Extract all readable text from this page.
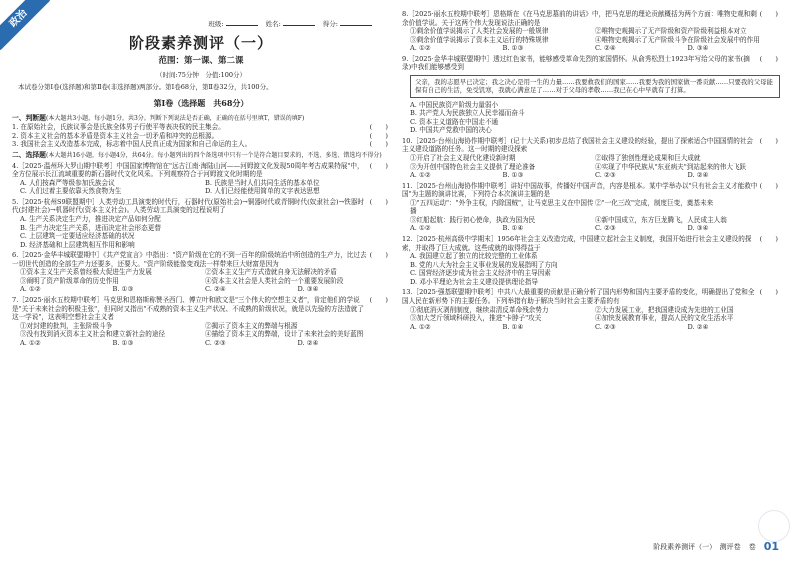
政治	班级:	姓名:	得分:
阶段素养测评（一）
范围：第一课、第二课
（时间:75分钟　分值:100分）
本试卷分第Ⅰ卷(选择题)和第Ⅱ卷(非选择题)两部分。第Ⅰ卷68分，第Ⅱ卷32分，共100分。
第Ⅰ卷（选择题　共68分）
一、判断题(本大题共3小题，每小题1分，共3分。判断下列说法是否正确，正确的在括号里填T，错误的填F)
1. 在原始社会，氏族议事会是氏族全体男子行使平等表决权的民主集会。	(　　)
2. 资本主义社会的基本矛盾是资本主义社会一切矛盾和冲突的总根源。	(　　)
3. 我国社会主义改造基本完成，标志着中国人民真正成为国家和自己命运的主人。	(　　)
二、选择题(本大题共16小题，每小题4分，共64分。每小题列出的四个备选项中只有一个是符合题目要求的，不选、多选、错选均不得分)
4.［2025·温州环大罗山期中联考］中国国家博物馆在"远古江南·海陆山河——河姆渡文化发现50周年考古成果特展"中，全方位展示长江流域重要的新石器时代文化风采。下列观察符合于河姆渡文化时期的是
(　　)
A. 人们按森严等级参加氏族会议	B. 氏族是当时人们共同生活的基本单位
C. 人们过着主要依靠天然食物为生	D. 人们已经能使用简单的文字表达思想
5.［2025·杭州S9联盟期中］人类劳动工具演变的时代行，石器时代(原始社会)→铜器时代或青铜时代(奴隶社会)→铁器时代(封建社会)→机器时代(资本主义社会)。人类劳动工具演变的过程说明了
(　　)
A. 生产关系决定生产力，推进决定产品如何分配
B. 生产力决定生产关系，进而决定社会形态更替
C. 上层建筑一定要适应经济基础的状况
D. 经济基础和上层建筑相互作用和影响
6.［2025·金华丰城联盟期中］《共产党宣言》中指出："资产阶级在它的不到一百年的阶级统治中所创造的生产力，比过去一切世代创造的全部生产力还要多，还要大。"资产阶级能像变戏法一样带来巨大财富是因为
(　　)
①资本主义生产关系曾经极大促进生产力发展	②资本主义生产方式造就自身无法解决的矛盾
③阐明了资产阶级革命的历史作用	④资本主义社会是人类社会的一个重要发展阶段
A. ①②	B. ①③	C. ②④	D. ③④
7.［2025·丽水五校期中联考］马克思和恩格斯称赞圣西门、傅立叶和欧文是"三个伟大的空想主义者"，肯定他们的学说是"关于未来社会的积极主张"，但同时又指出"不成熟的资本主义生产状况、不成熟的阶级状况，就是以先验的方法造就了这一学说"，这表明空想社会主义者
(　　)
①对封建的批判，主张阶级斗争	②揭示了资本主义的弊端与根源
③没有找到消灭资本主义社会和建立新社会的途径	④描绘了资本主义的弊端，设计了未来社会的美好蓝图
A. ①②	B. ①③	C. ②③	D. ②④
8.［2025·丽水五校期中联考］恩格斯在《在马克思墓前的讲话》中，把马克思的理论贡献概括为两个方面：唯物史观和剩余价值学说。关于这两个伟大发现说法正确的是
(　　)
①剩余价值学说揭示了人类社会发展的一般规律	②唯物史观揭示了无产阶级和资产阶级利益根本对立
③剩余价值学说揭示了资本主义运行的特殊规律	④唯物史观揭示了无产阶级斗争在阶级社会发展中的作用
A. ①②	B. ①③	C. ②④	D. ③④
9.［2025·金华丰城联盟期中］透过红色家书，能够感受革命先烈的家国情怀。从俞秀松烈士1923年写给父母的家书(摘录)中我们能够感受到
(　　)
父亲，我的志愿早已决定；我之决心是用一生的力量……我要救我们的国家……我要为我的国家做一番贡献……只要我的父母能保有自己的生活，免受饥寒，我就心满意足了……对于父母的孝敬……我已在心中早就有了打算。
A. 中国民族资产阶级力量弱小
B. 共产党人为民族独立人民幸福而奋斗
C. 资本主义道路在中国走不通
D. 中国共产党救中国的决心
10.［2025·台州山海协作期中联考］(记十大关系)初步总结了我国社会主义建设的经验，提出了探索适合中国国情的社会主义建设道路的任务。这一时期的建设探索
(　　)
①开启了社会主义现代化建设新时期	②取得了独创性理论成果和巨大成就
③为开创中国特色社会主义提供了理论准备	④实现了中华民族从"东亚病夫"到站起来的伟大飞跃
A. ①②	B. ①③	C. ②③	D. ②④
11.［2025·台州山海协作期中联考］讲好中国故事，传播好中国声音，内容是根本。某中学举办以"只有社会主义才能救中国"为主题的演讲比赛，下列符合本次演讲主题的是
(　　)
①"五四运动"："外争主权，内除国贼"，让马克思主义在中国传播
②"一化三改"完成，制度巨变，奠基未来
③红船起航：践行初心使命，执政为国为民	④新中国成立，东方巨龙腾飞，人民成主人翁
A. ①②	B. ①④	C. ②③	D. ③④
12.［2025·杭州高级中学期末］1956年社会主义改造完成，中国建立起社会主义制度，我国开始进行社会主义建设的探索，并取得了巨大成就。这些成就的取得得益于
(　　)
A. 我国建立起了独立的比较完整的工业体系
B. 党的八大为社会主义事业发展的发展指明了方向
C. 国营经济逐步成为社会主义经济中的主导因素
D. 邓小平理论为社会主义建设提供理论指导
13.［2025·强基联盟期中联考］中共八大最重要的贡献是正确分析了国内形势和国内主要矛盾的变化，明确提出了党和全国人民在新形势下的主要任务。下列举措有助于解决当时社会主要矛盾的有
(　　)
①彻底消灭剥削制度，继续肃清反革命残余势力	②大力发展工业，把我国建设成为先进的工业国
③加大芝斤领域科研投入，推进"卡脖子"攻关	④加快发展教育事业，提高人民的文化生活水平
A. ①②	B. ①④	C. ②③	D. ②④
阶段素养测评（一）　测评卷 卷 01
